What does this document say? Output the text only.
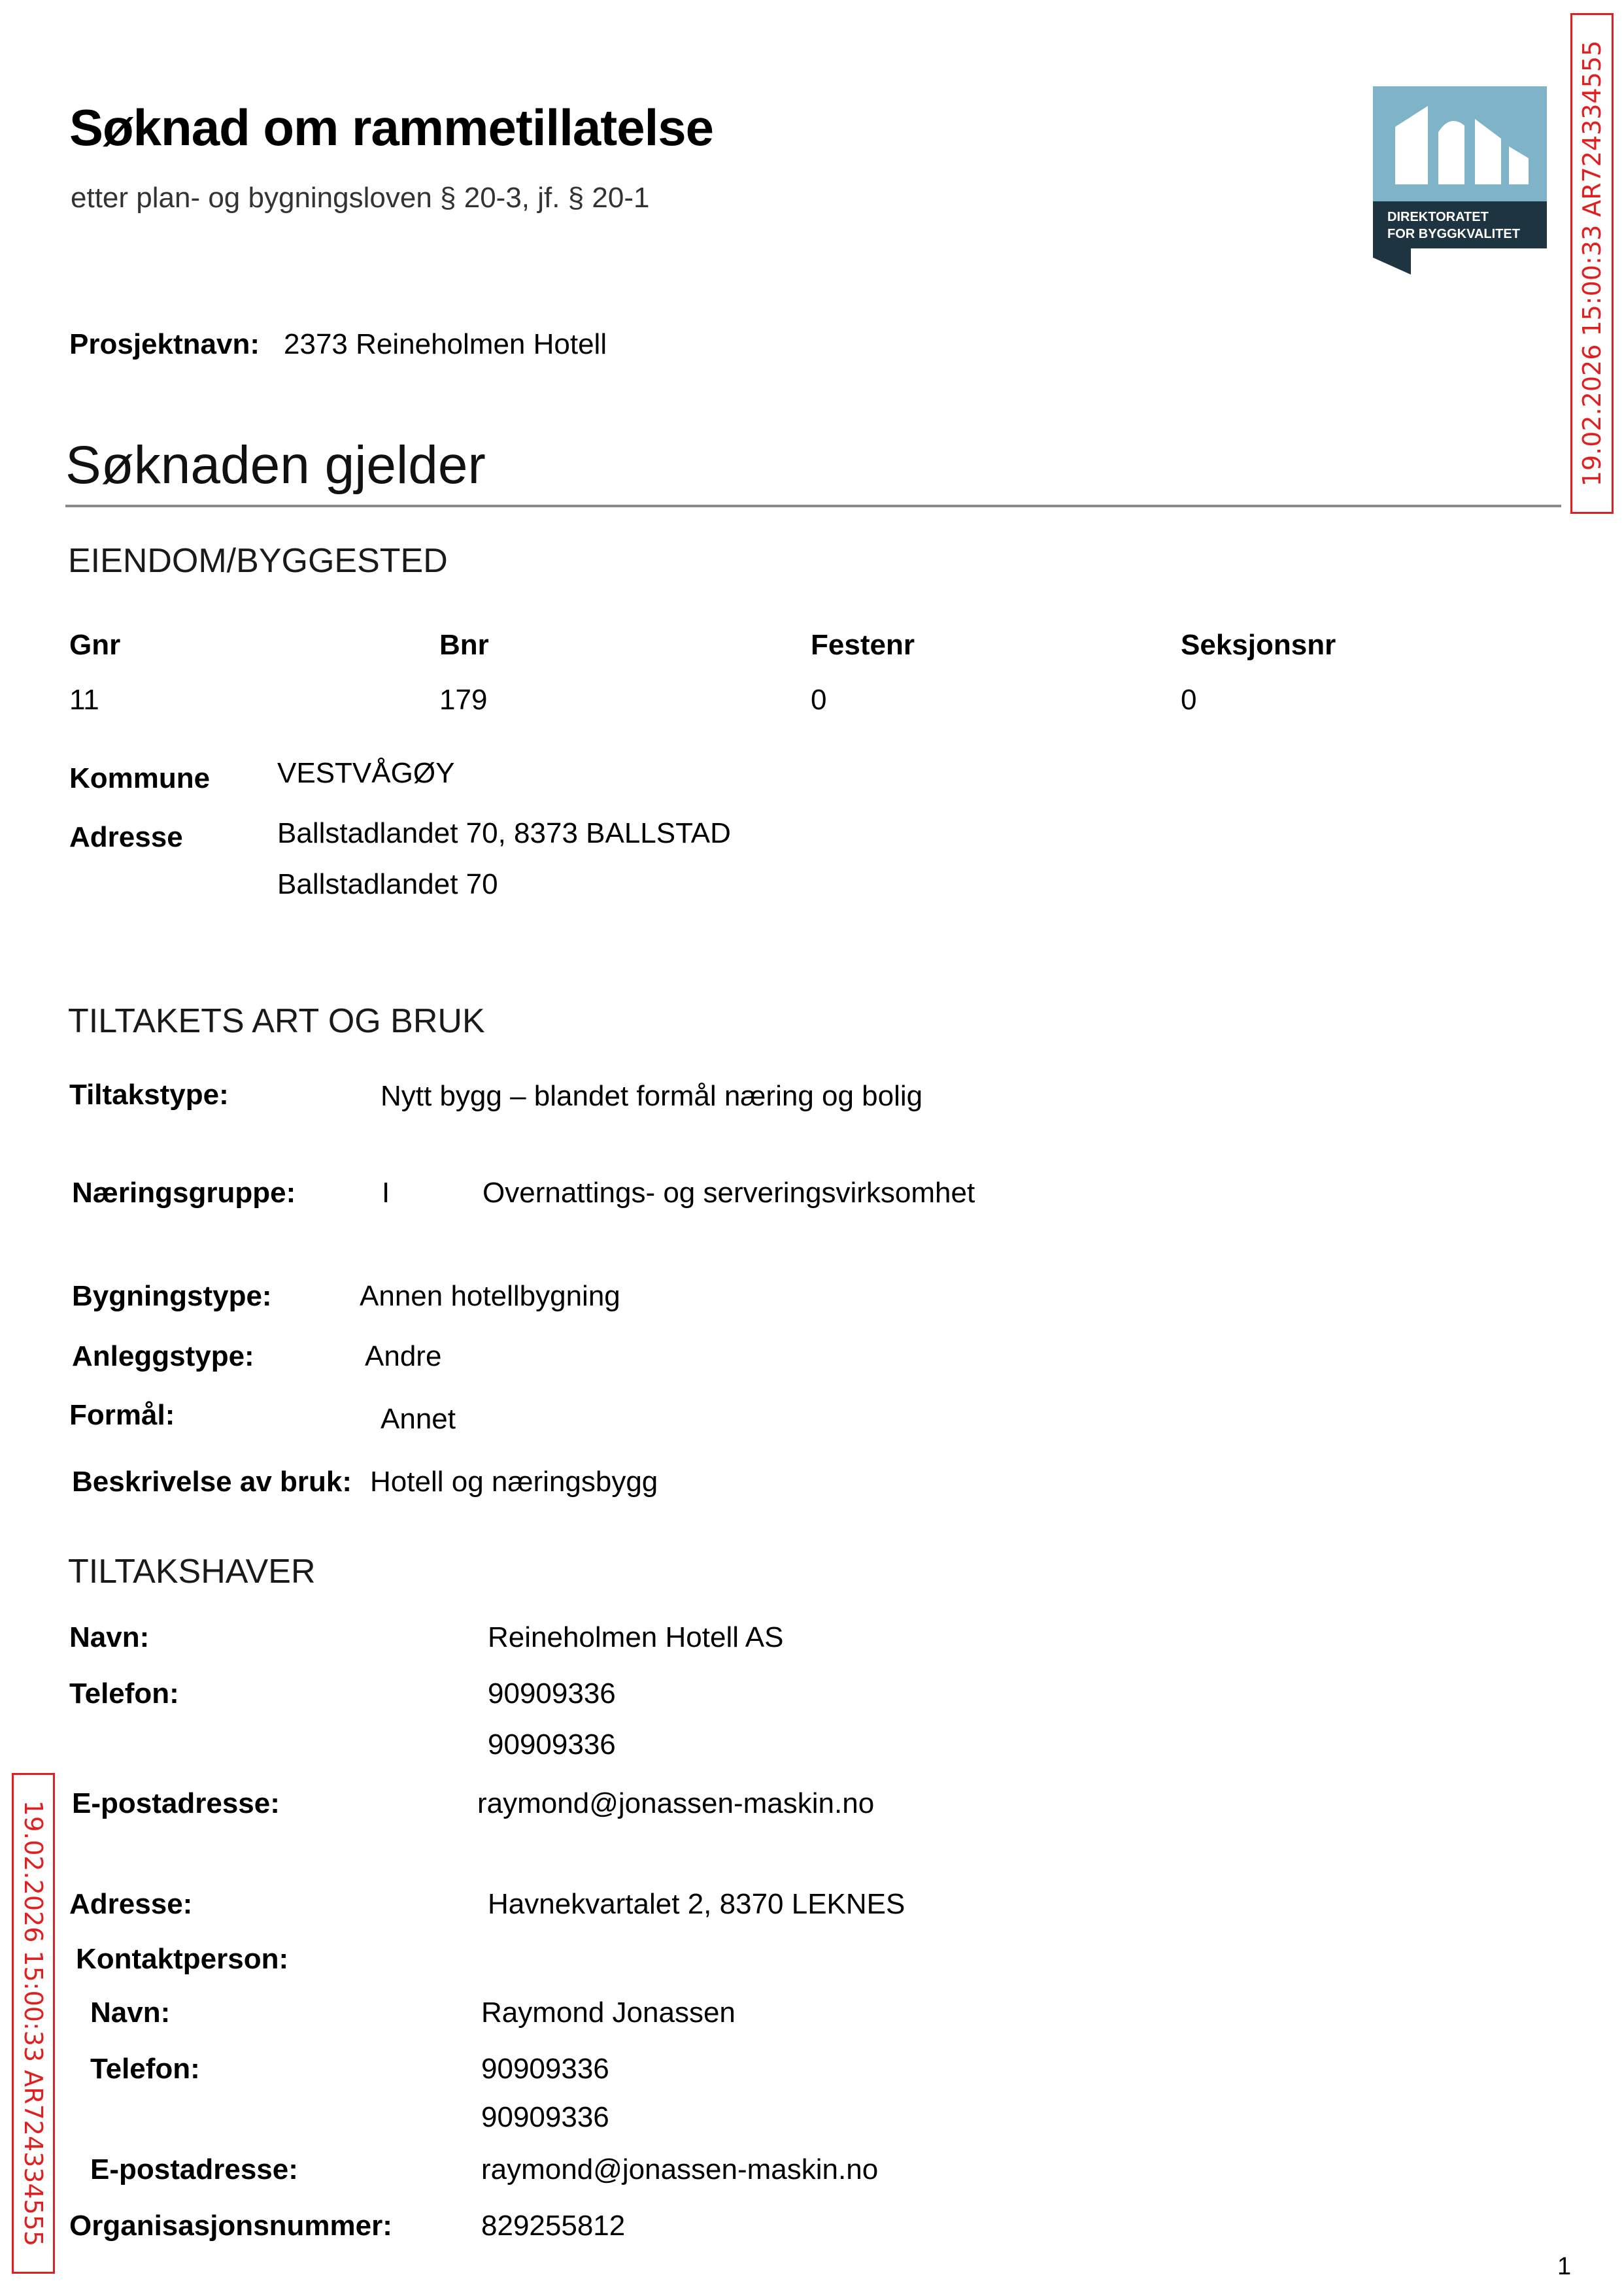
Søknad om rammetillatelse
etter plan- og bygningsloven § 20-3, jf. § 20-1
DIREKTORATET
FOR BYGGKVALITET
Prosjektnavn: 2373 Reineholmen Hotell
Søknaden gjelder
EIENDOM/BYGGESTED
Gnr	Bnr	Festenr	Seksjonsnr
11	179	0	0
Kommune VESTVÅGØY
Adresse	Ballstadlandet 70, 8373 BALLSTAD
Ballstadlandet 70
TILTAKETS ART OG BRUK
Tiltakstype:	Nytt bygg – blandet formål næring og bolig
Næringsgruppe:	I	Overnattings- og serveringsvirksomhet
Bygningstype:	Annen hotellbygning
Anleggstype:	Andre
Formål:	Annet
Beskrivelse av bruk: Hotell og næringsbygg
TILTAKSHAVER
Navn:	Reineholmen Hotell AS
Telefon:	90909336
90909336
E-postadresse:	raymond@jonassen-maskin.no
Adresse:	Havnekvartalet 2, 8370 LEKNES
Kontaktperson:
Navn:	Raymond Jonassen
Telefon:	90909336
90909336
E-postadresse:	raymond@jonassen-maskin.no
Organisasjonsnummer:	829255812
19.02.2026 15:00:33 AR724334555
19.02.2026 15:00:33 AR724334555
1
